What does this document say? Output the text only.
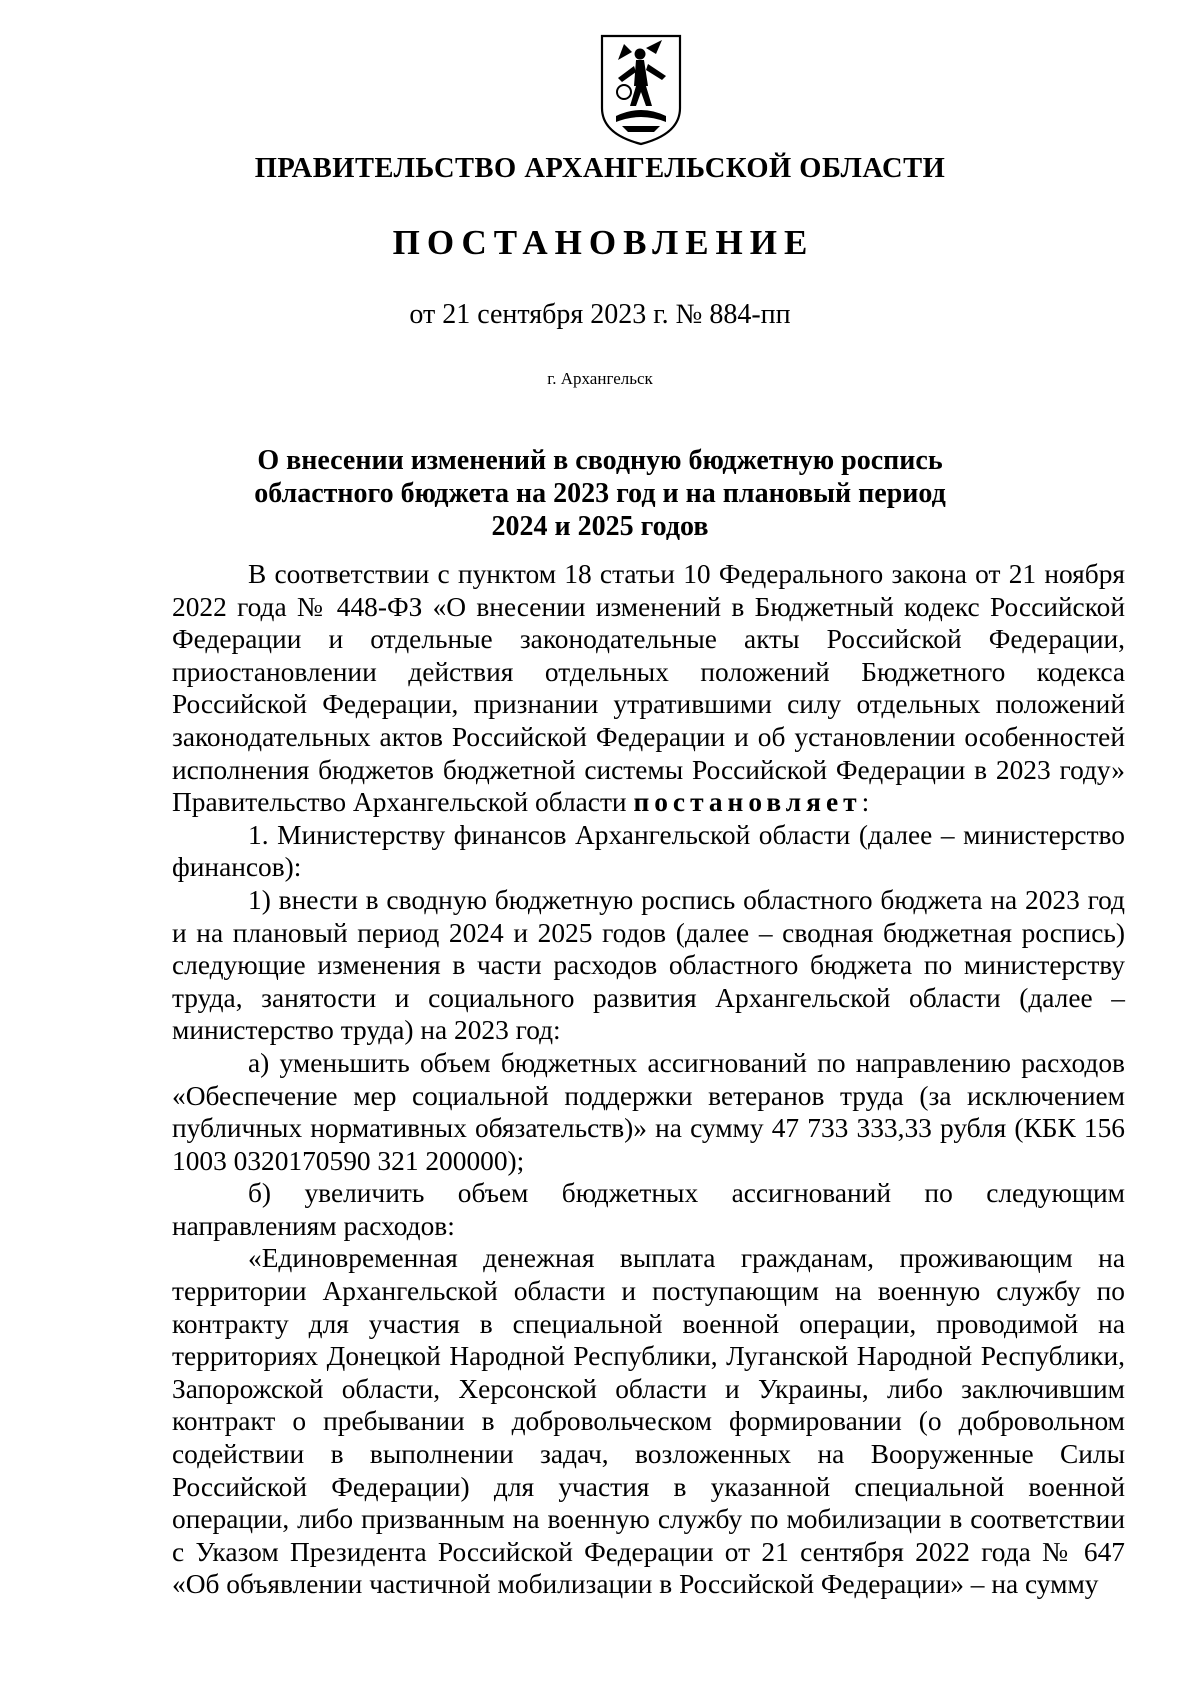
ПРАВИТЕЛЬСТВО АРХАНГЕЛЬСКОЙ ОБЛАСТИ
ПОСТАНОВЛЕНИЕ
от 21 сентября 2023 г. № 884-пп
г. Архангельск
О внесении изменений в сводную бюджетную роспись
областного бюджета на 2023 год и на плановый период
2024 и 2025 годов

В соответствии с пунктом 18 статьи 10 Федерального закона от 21 ноября 2022 года № 448-ФЗ «О внесении изменений в Бюджетный кодекс Российской Федерации и отдельные законодательные акты Российской Федерации, приостановлении действия отдельных положений Бюджетного кодекса Российской Федерации, признании утратившими силу отдельных положений законодательных актов Российской Федерации и об установлении особенностей исполнения бюджетов бюджетной системы Российской Федерации в 2023 году» Правительство Архангельской области постановляет:

1. Министерству финансов Архангельской области (далее – министерство финансов):

1) внести в сводную бюджетную роспись областного бюджета на 2023 год и на плановый период 2024 и 2025 годов (далее – сводная бюджетная роспись) следующие изменения в части расходов областного бюджета по министерству труда, занятости и социального развития Архангельской области (далее – министерство труда) на 2023 год:

а) уменьшить объем бюджетных ассигнований по направлению расходов «Обеспечение мер социальной поддержки ветеранов труда (за исключением публичных нормативных обязательств)» на сумму 47 733 333,33 рубля (КБК 156 1003 0320170590 321 200000);

б) увеличить объем бюджетных ассигнований по следующим направлениям расходов:

«Единовременная денежная выплата гражданам, проживающим на территории Архангельской области и поступающим на военную службу по контракту для участия в специальной военной операции, проводимой на территориях Донецкой Народной Республики, Луганской Народной Республики, Запорожской области, Херсонской области и Украины, либо заключившим контракт о пребывании в добровольческом формировании (о добровольном содействии в выполнении задач, возложенных на Вооруженные Силы Российской Федерации) для участия в указанной специальной военной операции, либо призванным на военную службу по мобилизации в соответствии с Указом Президента Российской Федерации от 21 сентября 2022 года № 647 «Об объявлении частичной мобилизации в Российской Федерации» – на сумму
